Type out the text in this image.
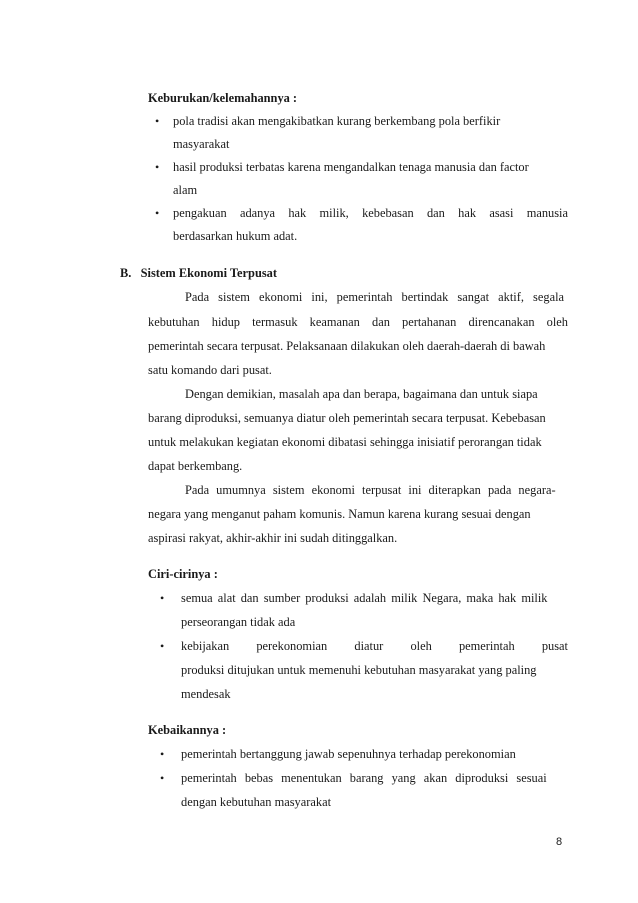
Keburukan/kelemahannya :
• pola tradisi akan mengakibatkan kurang berkembang pola berfikir
masyarakat
• hasil produksi terbatas karena mengandalkan tenaga manusia dan factor
alam
• pengakuan adanya hak milik, kebebasan dan hak asasi manusia
berdasarkan hukum adat.
B.   Sistem Ekonomi Terpusat
Pada sistem ekonomi ini, pemerintah bertindak sangat aktif, segala
kebutuhan hidup termasuk keamanan dan pertahanan direncanakan oleh
pemerintah secara terpusat. Pelaksanaan dilakukan oleh daerah-daerah di bawah
satu komando dari pusat.
Dengan demikian, masalah apa dan berapa, bagaimana dan untuk siapa
barang diproduksi, semuanya diatur oleh pemerintah secara terpusat. Kebebasan
untuk melakukan kegiatan ekonomi dibatasi sehingga inisiatif perorangan tidak
dapat berkembang.
Pada umumnya sistem ekonomi terpusat ini diterapkan pada negara-
negara yang menganut paham komunis. Namun karena kurang sesuai dengan
aspirasi rakyat, akhir-akhir ini sudah ditinggalkan.
Ciri-cirinya :
• semua alat dan sumber produksi adalah milik Negara, maka hak milik
perseorangan tidak ada
• kebijakan perekonomian diatur oleh pemerintah pusat
produksi ditujukan untuk memenuhi kebutuhan masyarakat yang paling
mendesak
Kebaikannya :
• pemerintah bertanggung jawab sepenuhnya terhadap perekonomian
• pemerintah bebas menentukan barang yang akan diproduksi sesuai
dengan kebutuhan masyarakat
8
